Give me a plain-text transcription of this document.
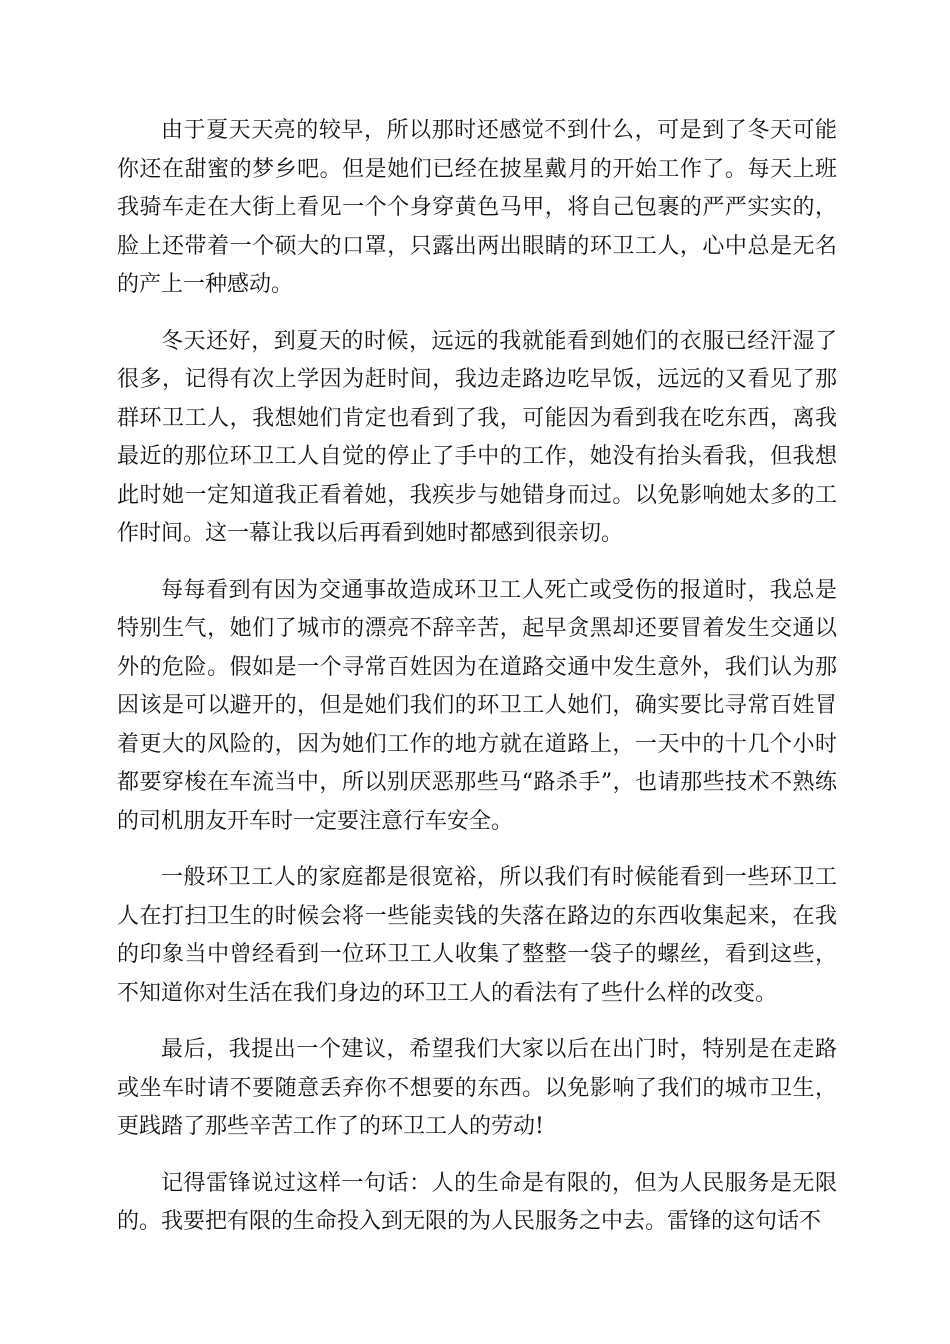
由于夏天天亮的较早，所以那时还感觉不到什么，可是到了冬天可能你还在甜蜜的梦乡吧。但是她们已经在披星戴月的开始工作了。每天上班我骑车走在大街上看见一个个身穿黄色马甲，将自己包裹的严严实实的，脸上还带着一个硕大的口罩，只露出两出眼睛的环卫工人，心中总是无名的产上一种感动。

冬天还好，到夏天的时候，远远的我就能看到她们的衣服已经汗湿了很多，记得有次上学因为赶时间，我边走路边吃早饭，远远的又看见了那群环卫工人，我想她们肯定也看到了我，可能因为看到我在吃东西，离我最近的那位环卫工人自觉的停止了手中的工作，她没有抬头看我，但我想此时她一定知道我正看着她，我疾步与她错身而过。以免影响她太多的工作时间。这一幕让我以后再看到她时都感到很亲切。

每每看到有因为交通事故造成环卫工人死亡或受伤的报道时，我总是特别生气，她们了城市的漂亮不辞辛苦，起早贪黑却还要冒着发生交通以外的危险。假如是一个寻常百姓因为在道路交通中发生意外，我们认为那因该是可以避开的，但是她们我们的环卫工人她们，确实要比寻常百姓冒着更大的风险的，因为她们工作的地方就在道路上，一天中的十几个小时都要穿梭在车流当中，所以别厌恶那些马“路杀手”，也请那些技术不熟练的司机朋友开车时一定要注意行车安全。

一般环卫工人的家庭都是很宽裕，所以我们有时候能看到一些环卫工人在打扫卫生的时候会将一些能卖钱的失落在路边的东西收集起来，在我的印象当中曾经看到一位环卫工人收集了整整一袋子的螺丝，看到这些，不知道你对生活在我们身边的环卫工人的看法有了些什么样的改变。

最后，我提出一个建议，希望我们大家以后在出门时，特别是在走路或坐车时请不要随意丢弃你不想要的东西。以免影响了我们的城市卫生，更践踏了那些辛苦工作了的环卫工人的劳动!

记得雷锋说过这样一句话：人的生命是有限的，但为人民服务是无限的。我要把有限的生命投入到无限的为人民服务之中去。雷锋的这句话不
